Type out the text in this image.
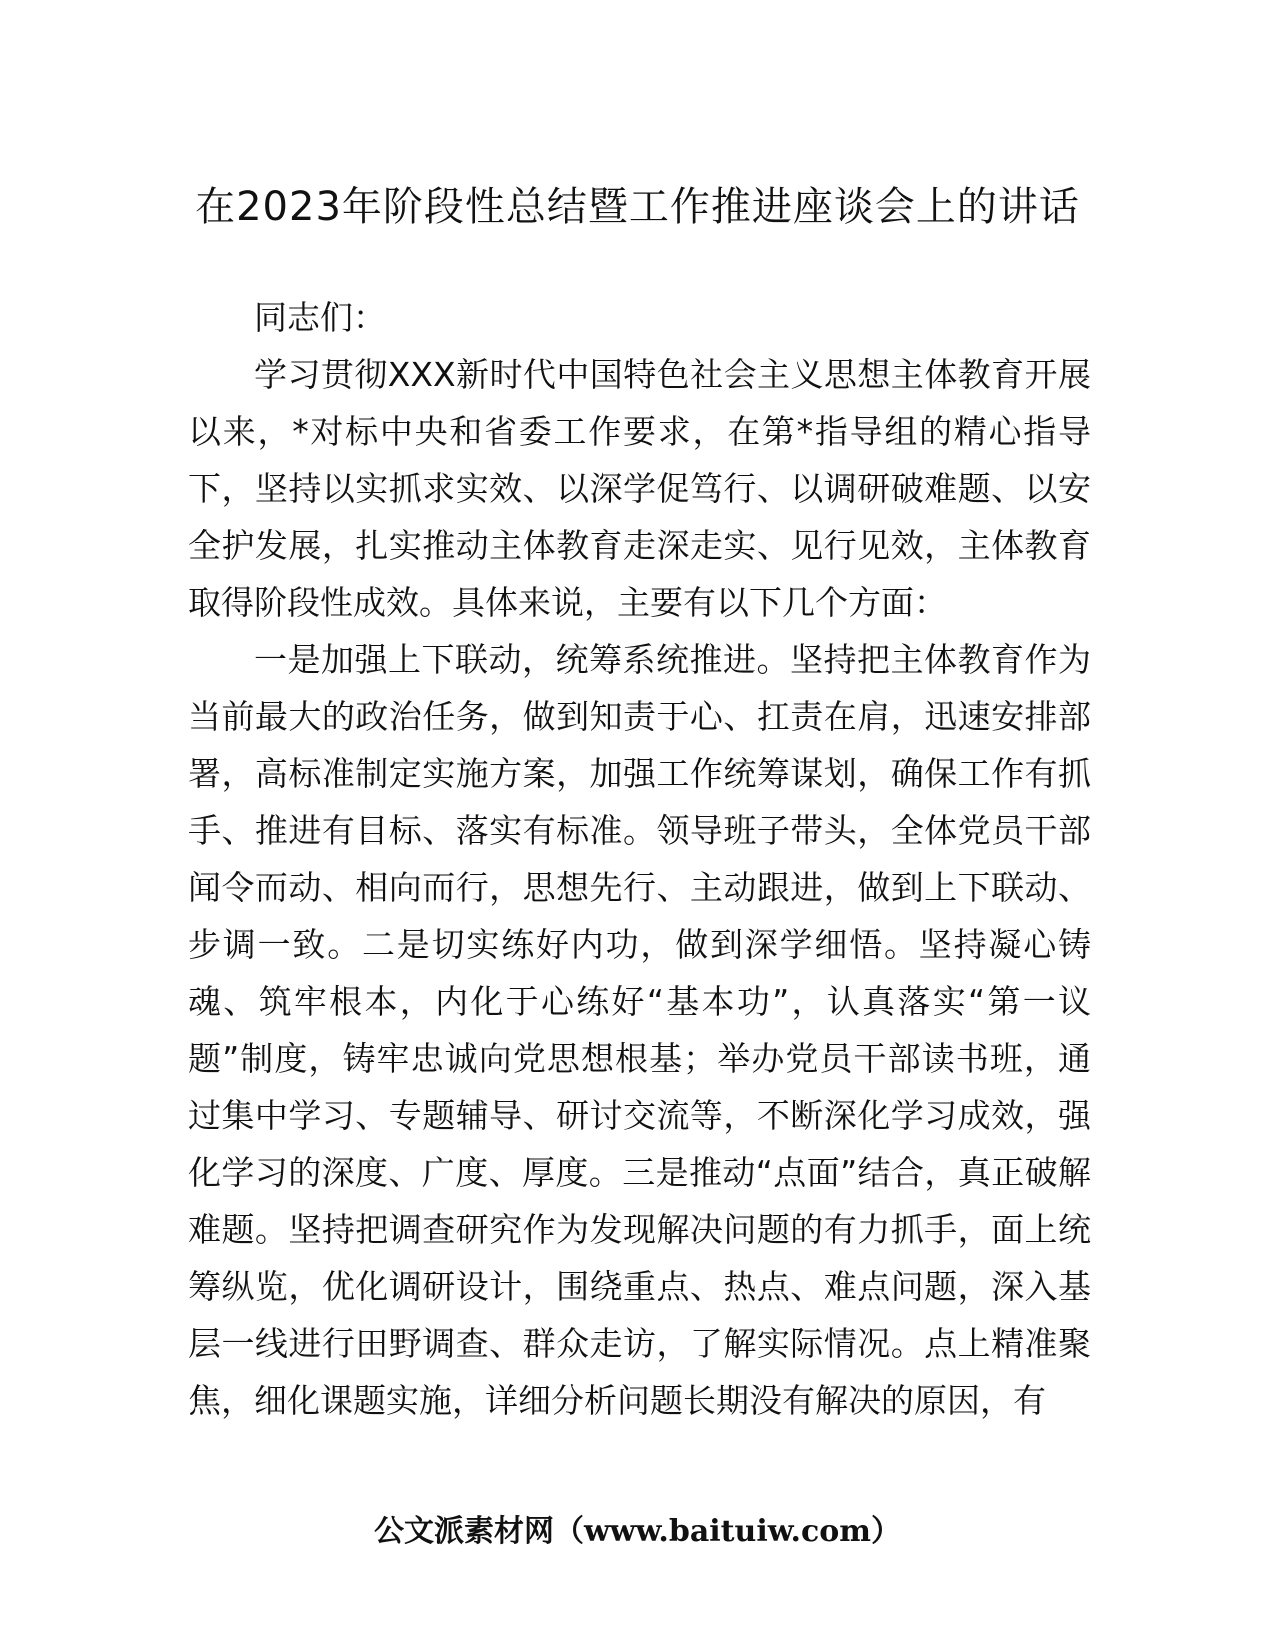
在2023年阶段性总结暨工作推进座谈会上的讲话

同志们：

学习贯彻XXX新时代中国特色社会主义思想主体教育开展以来，*对标中央和省委工作要求，在第*指导组的精心指导下，坚持以实抓求实效、以深学促笃行、以调研破难题、以安全护发展，扎实推动主体教育走深走实、见行见效，主体教育取得阶段性成效。具体来说，主要有以下几个方面：

一是加强上下联动，统筹系统推进。坚持把主体教育作为当前最大的政治任务，做到知责于心、扛责在肩，迅速安排部署，高标准制定实施方案，加强工作统筹谋划，确保工作有抓手、推进有目标、落实有标准。领导班子带头，全体党员干部闻令而动、相向而行，思想先行、主动跟进，做到上下联动、步调一致。二是切实练好内功，做到深学细悟。坚持凝心铸魂、筑牢根本，内化于心练好“基本功”，认真落实“第一议题”制度，铸牢忠诚向党思想根基；举办党员干部读书班，通过集中学习、专题辅导、研讨交流等，不断深化学习成效，强化学习的深度、广度、厚度。三是推动“点面”结合，真正破解难题。坚持把调查研究作为发现解决问题的有力抓手，面上统筹纵览，优化调研设计，围绕重点、热点、难点问题，深入基层一线进行田野调查、群众走访，了解实际情况。点上精准聚焦，细化课题实施，详细分析问题长期没有解决的原因，有

公文派素材网（www.baituiw.com）
